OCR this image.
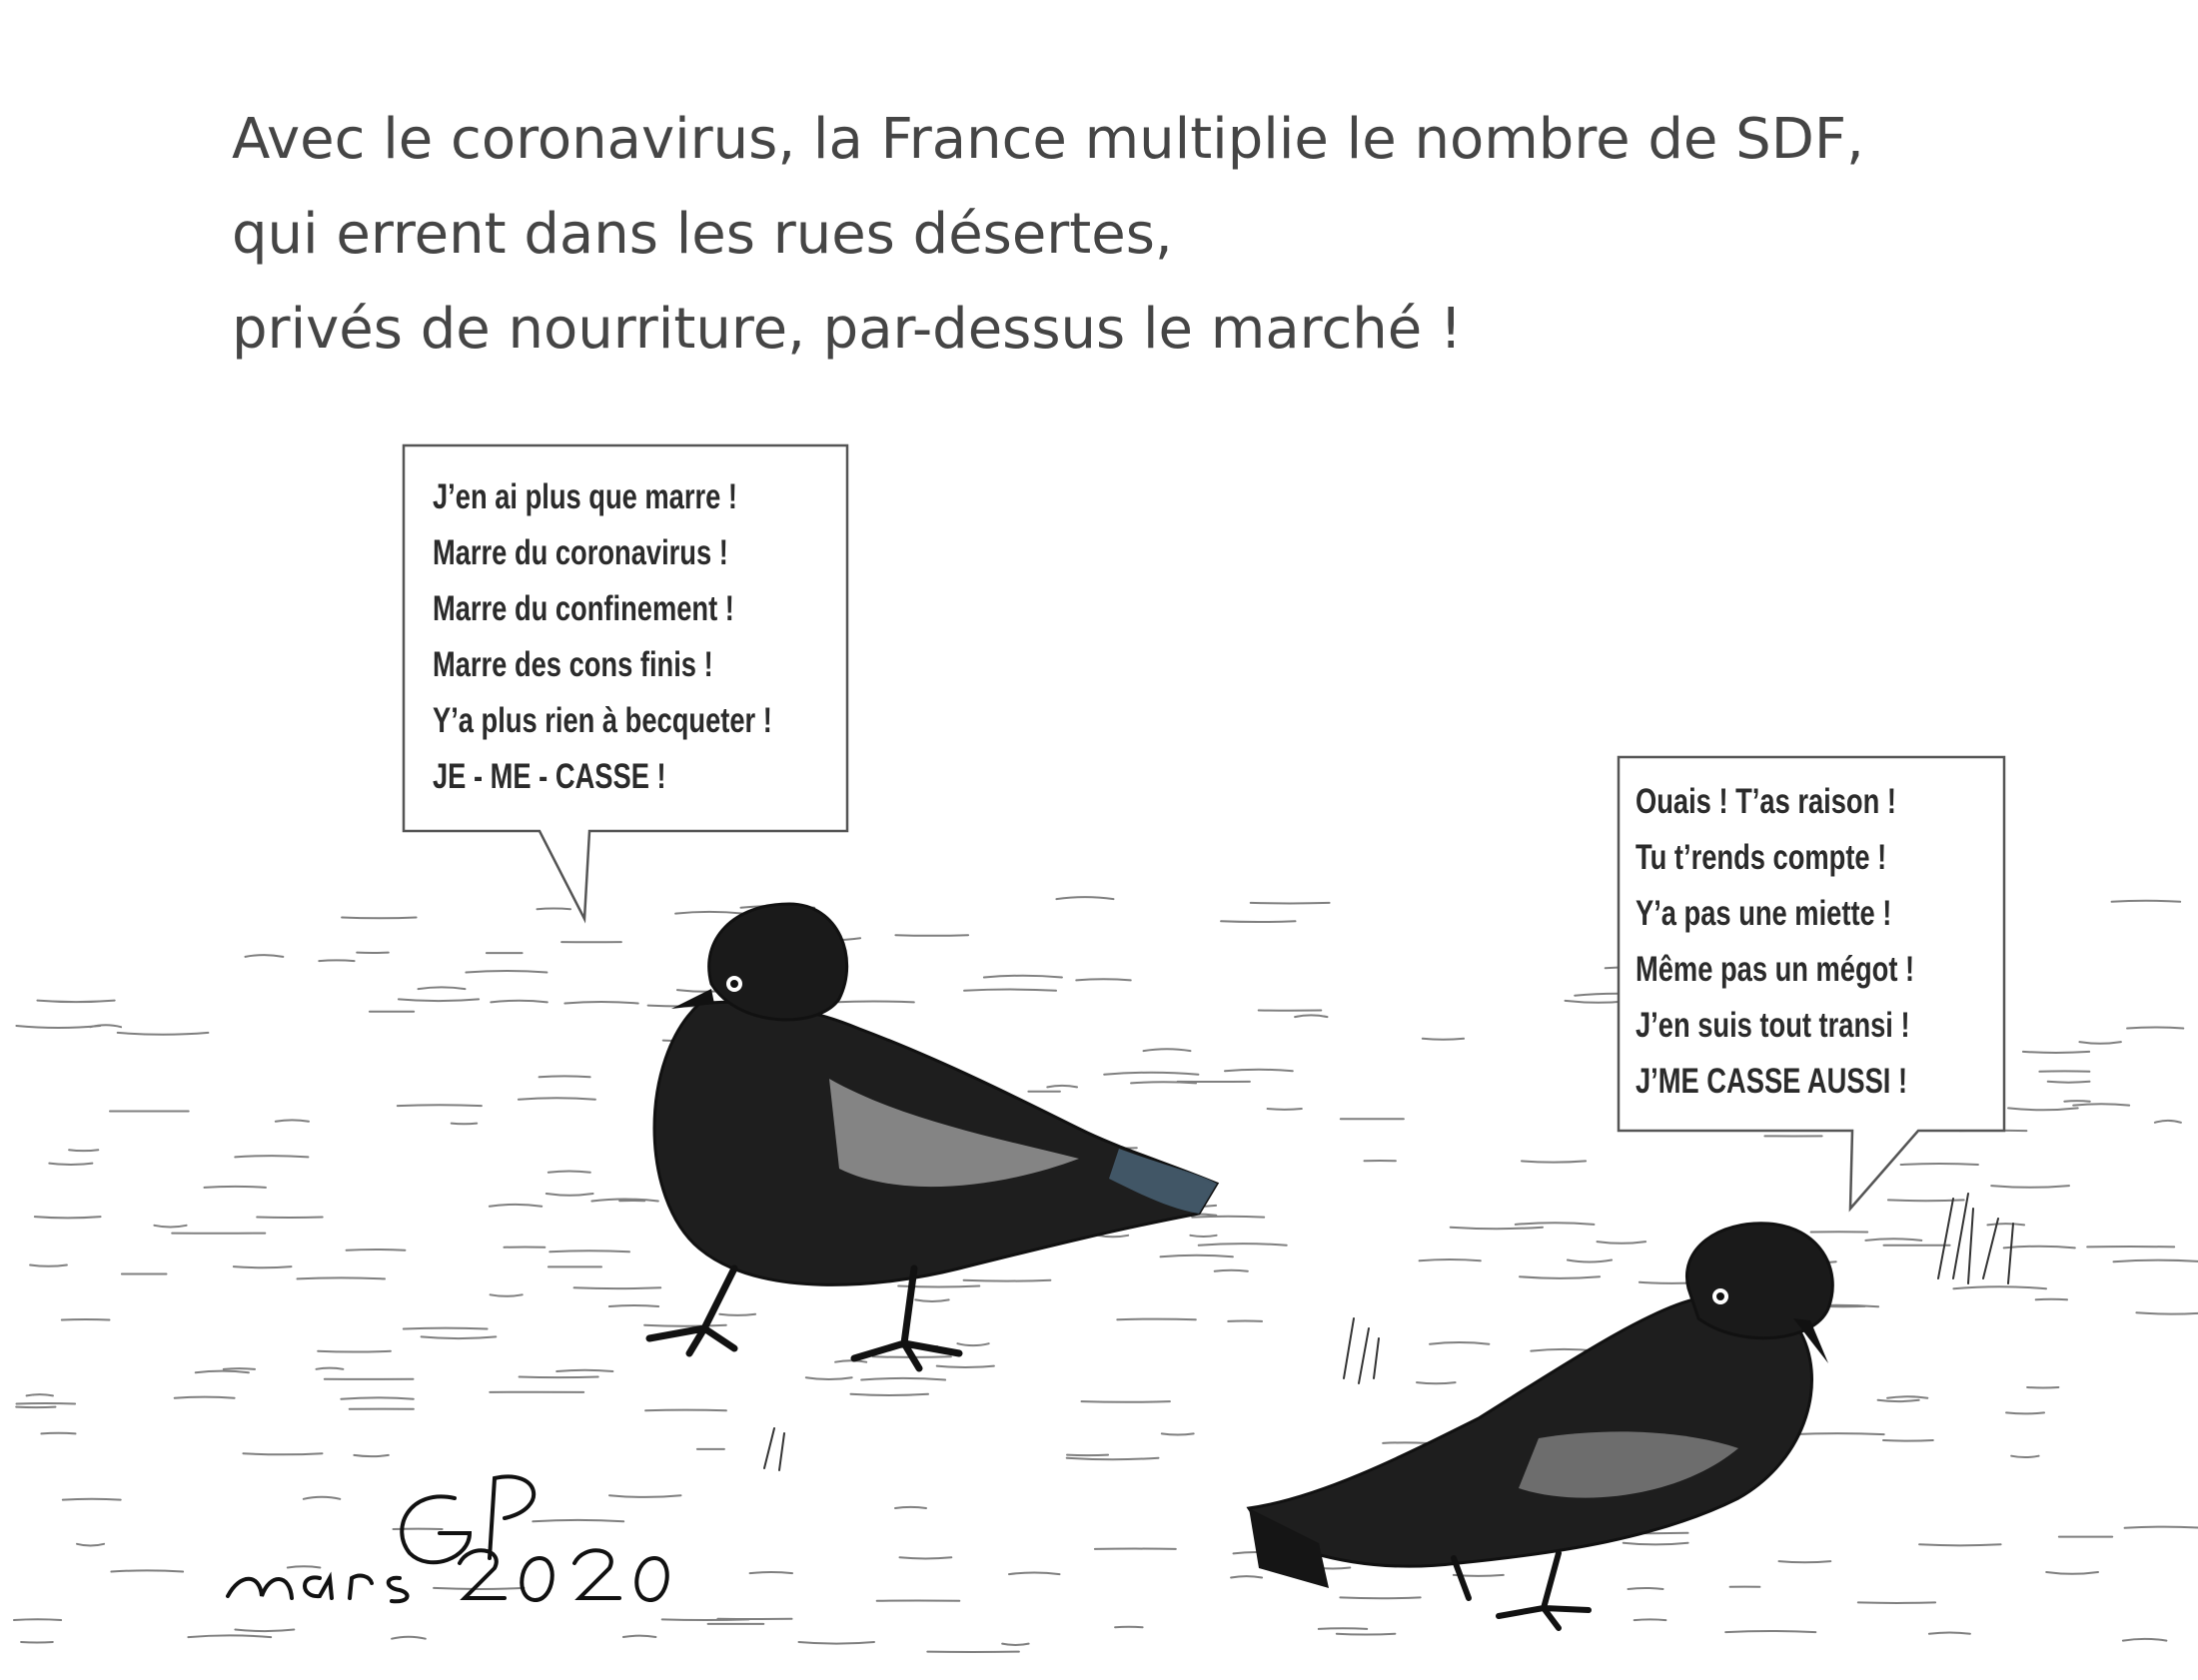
Avec le coronavirus, la France multiplie le nombre de SDF,
qui errent dans les rues désertes,
privés de nourriture, par-dessus le marché !
J’en ai plus que marre !
Marre du coronavirus !
Marre du confinement !
Marre des cons finis !
Y’a plus rien à becqueter !
JE - ME - CASSE !
Ouais ! T’as raison !
Tu t’rends compte !
Y’a pas une miette !
Même pas un mégot !
J’en suis tout transi !
J’ME CASSE AUSSI !
